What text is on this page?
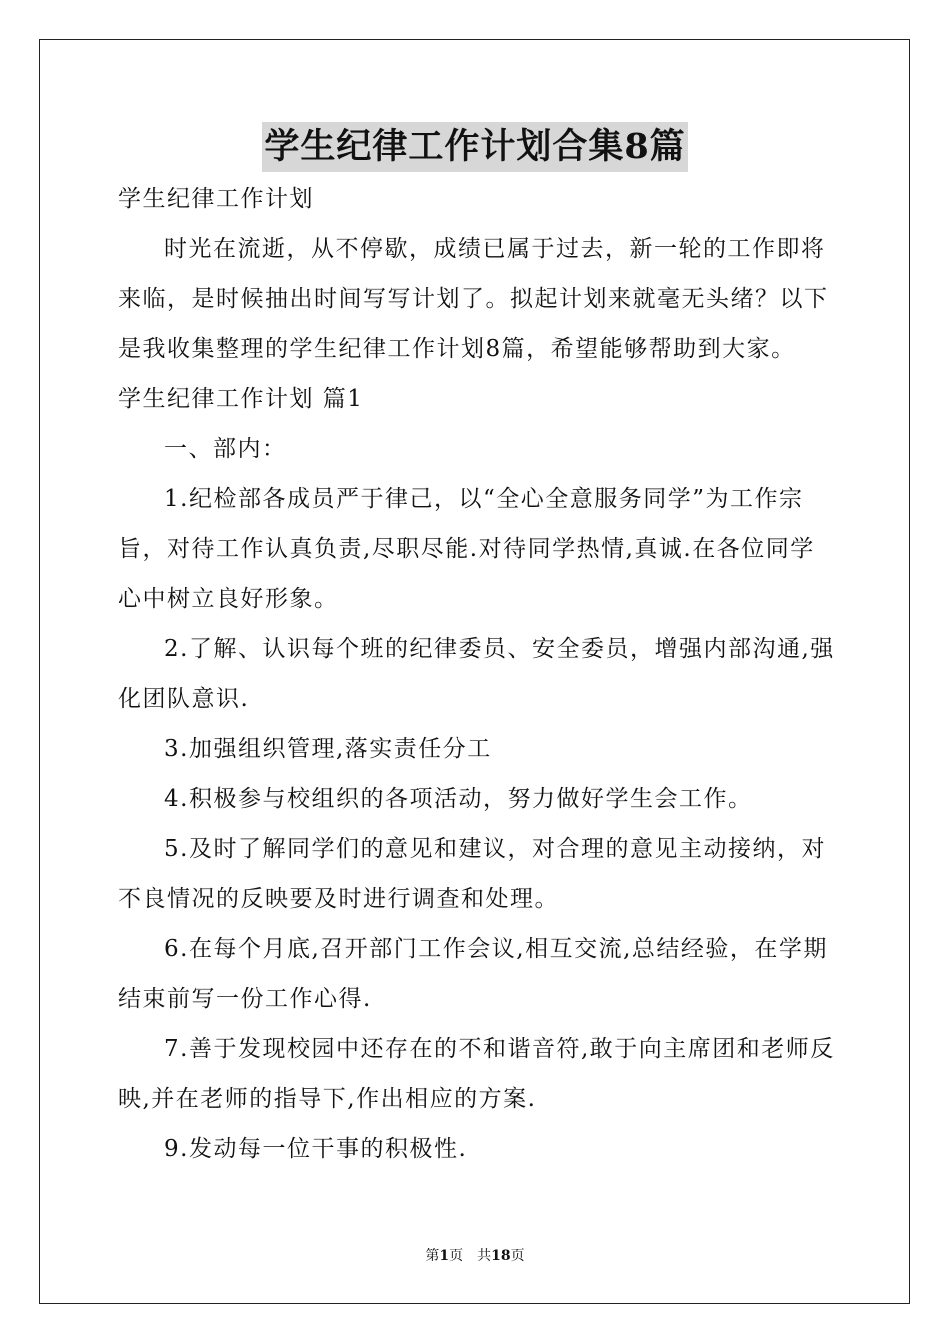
学生纪律工作计划合集8篇

学生纪律工作计划

时光在流逝，从不停歇，成绩已属于过去，新一轮的工作即将来临，是时候抽出时间写写计划了。拟起计划来就毫无头绪？以下是我收集整理的学生纪律工作计划8篇，希望能够帮助到大家。

学生纪律工作计划 篇1

一、部内：

1.纪检部各成员严于律己，以“全心全意服务同学”为工作宗旨，对待工作认真负责,尽职尽能.对待同学热情,真诚.在各位同学心中树立良好形象。

2.了解、认识每个班的纪律委员、安全委员，增强内部沟通,强化团队意识.

3.加强组织管理,落实责任分工

4.积极参与校组织的各项活动，努力做好学生会工作。

5.及时了解同学们的意见和建议，对合理的意见主动接纳，对不良情况的反映要及时进行调查和处理。

6.在每个月底,召开部门工作会议,相互交流,总结经验，在学期结束前写一份工作心得.

7.善于发现校园中还存在的不和谐音符,敢于向主席团和老师反映,并在老师的指导下,作出相应的方案.

9.发动每一位干事的积极性.

第1页 共18页
